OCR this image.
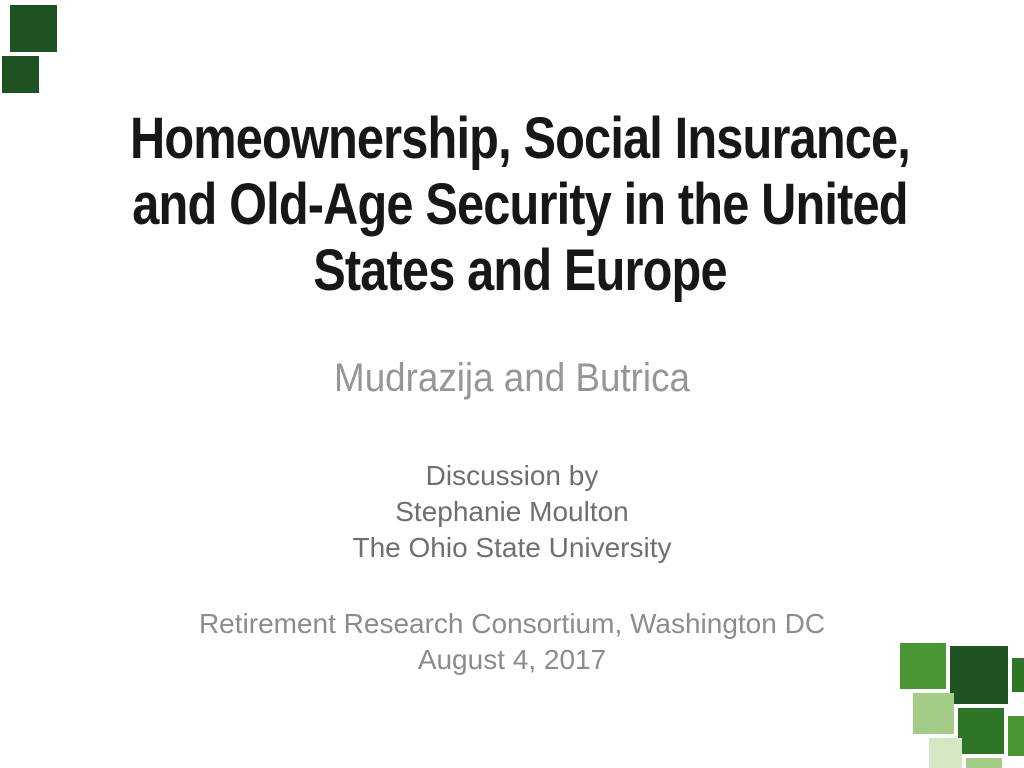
Homeownership, Social Insurance,
and Old-Age Security in the United
States and Europe
Mudrazija and Butrica
Discussion by
Stephanie Moulton
The Ohio State University
Retirement Research Consortium, Washington DC
August 4, 2017
